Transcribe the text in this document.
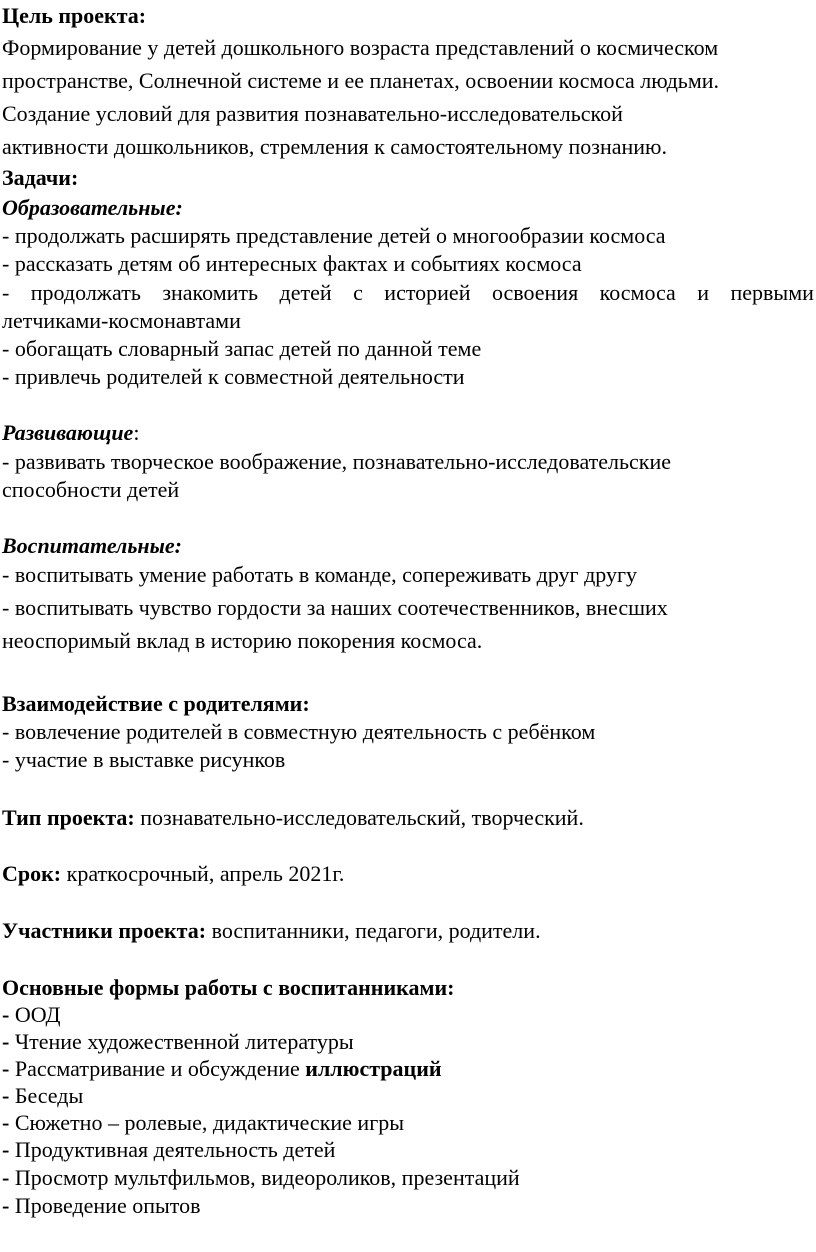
Цель проекта:
Формирование у детей дошкольного возраста представлений о космическом
пространстве, Солнечной системе и ее планетах, освоении космоса людьми.
Создание условий для развития познавательно-исследовательской
активности дошкольников, стремления к самостоятельному познанию.
Задачи:
Образовательные:
- продолжать расширять представление детей о многообразии космоса
- рассказать детям об интересных фактах и событиях космоса
- продолжать знакомить детей с историей освоения космоса и первыми
летчиками-космонавтами
- обогащать словарный запас детей по данной теме
- привлечь родителей к совместной деятельности
Развивающие:
- развивать творческое воображение, познавательно-исследовательские
способности детей
Воспитательные:
- воспитывать умение работать в команде, сопереживать друг другу
- воспитывать чувство гордости за наших соотечественников, внесших
неоспоримый вклад в историю покорения космоса.
Взаимодействие с родителями:
- вовлечение родителей в совместную деятельность с ребёнком
- участие в выставке рисунков
Тип проекта: познавательно-исследовательский, творческий.
Срок: краткосрочный, апрель 2021г.
Участники проекта: воспитанники, педагоги, родители.
Основные формы работы с воспитанниками:
- ООД
- Чтение художественной литературы
- Рассматривание и обсуждение иллюстраций
- Беседы
- Сюжетно – ролевые, дидактические игры
- Продуктивная деятельность детей
- Просмотр мультфильмов, видеороликов, презентаций
- Проведение опытов
